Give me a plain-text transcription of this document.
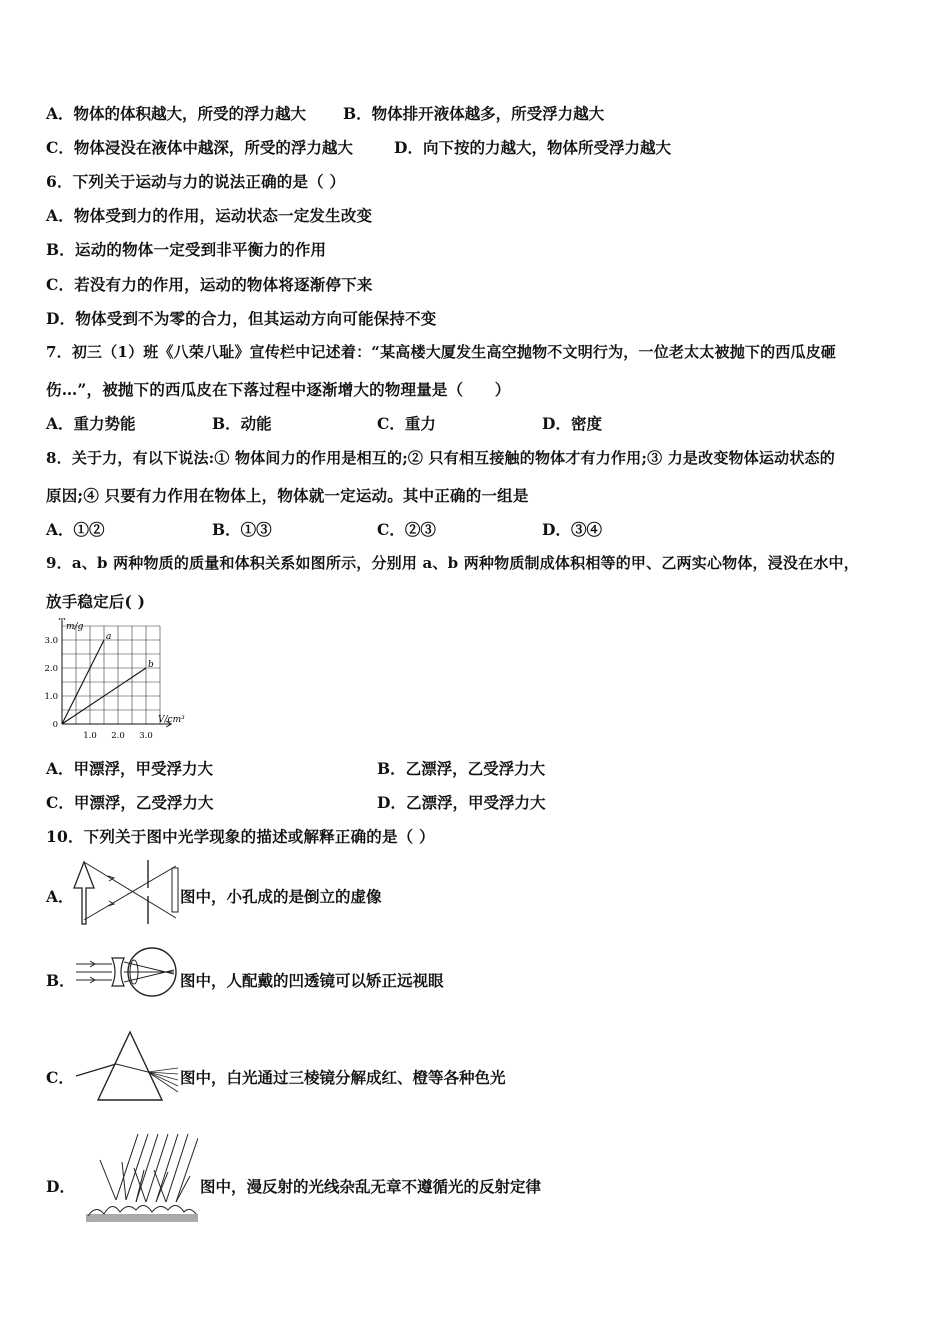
A．物体的体积越大，所受的浮力越大 B．物体排开液体越多，所受浮力越大
C．物体浸没在液体中越深，所受的浮力越大	D．向下按的力越大，物体所受浮力越大
6．下列关于运动与力的说法正确的是（ ）
A．物体受到力的作用，运动状态一定发生改变
B．运动的物体一定受到非平衡力的作用
C．若没有力的作用，运动的物体将逐渐停下来
D．物体受到不为零的合力，但其运动方向可能保持不变
7．初三（1）班《八荣八耻》宣传栏中记述着：“某高楼大厦发生高空抛物不文明行为，一位老太太被抛下的西瓜皮砸
伤…”，被抛下的西瓜皮在下落过程中逐渐增大的物理量是（　　）
A．重力势能	B．动能	C．重力	D．密度
8．关于力，有以下说法:① 物体间力的作用是相互的;② 只有相互接触的物体才有力作用;③ 力是改变物体运动状态的
原因;④ 只要有力作用在物体上，物体就一定运动。其中正确的一组是
A．①②	B．①③	C．②③	D．③④
9．a、b 两种物质的质量和体积关系如图所示，分别用 a、b 两种物质制成体积相等的甲、乙两实心物体，浸没在水中，
放手稳定后( )
a
b
0
1.0
2.0
3.0
1.0 2.0 3.0
m/g
V/cm³
A．甲漂浮，甲受浮力大	B．乙漂浮，乙受浮力大
C．甲漂浮，乙受浮力大	D．乙漂浮，甲受浮力大
10．下列关于图中光学现象的描述或解释正确的是（ ）
A．	图中，小孔成的是倒立的虚像
B．	图中，人配戴的凹透镜可以矫正远视眼
C．	图中，白光通过三棱镜分解成红、橙等各种色光
D．	图中，漫反射的光线杂乱无章不遵循光的反射定律
